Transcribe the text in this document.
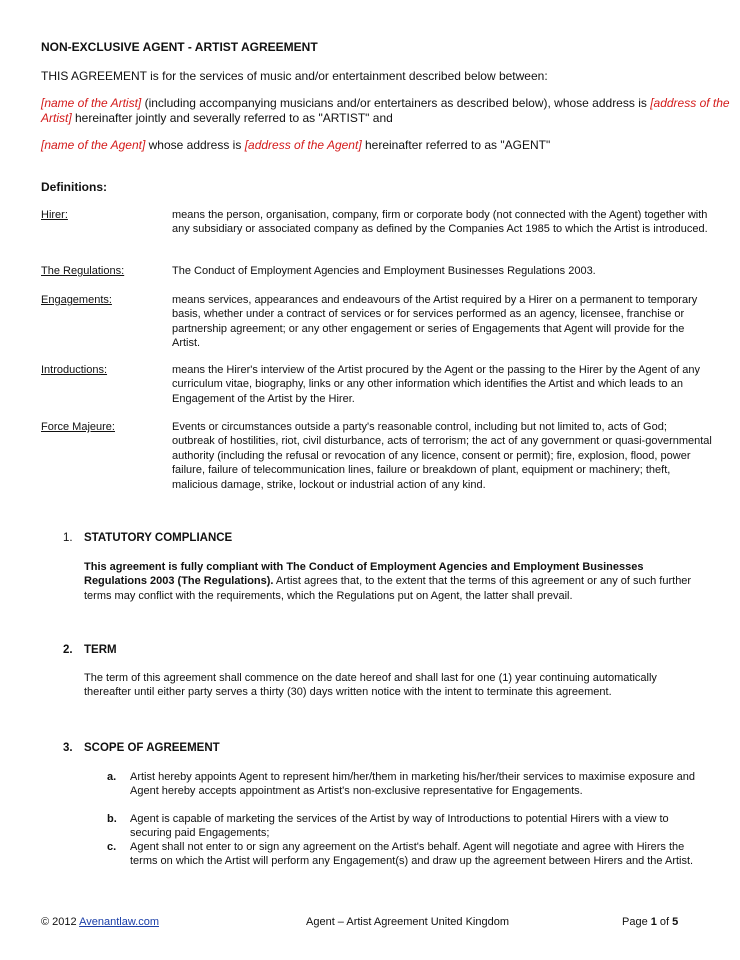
NON-EXCLUSIVE AGENT - ARTIST AGREEMENT
THIS AGREEMENT is for the services of music and/or entertainment described below between:
[name of the Artist] (including accompanying musicians and/or entertainers as described below), whose address is [address of the Artist] hereinafter jointly and severally referred to as "ARTIST" and
[name of the Agent] whose address is [address of the Agent] hereinafter referred to as "AGENT"
Definitions:
Hirer:	means the person, organisation, company, firm or corporate body (not connected with the Agent) together with any subsidiary or associated company as defined by the Companies Act 1985 to which the Artist is introduced.
The Regulations:	The Conduct of Employment Agencies and Employment Businesses Regulations 2003.
Engagements:	means services, appearances and endeavours of the Artist required by a Hirer on a permanent to temporary basis, whether under a contract of services or for services performed as an agency, licensee, franchise or partnership agreement; or any other engagement or series of Engagements that Agent will provide for the Artist.
Introductions:	means the Hirer's interview of the Artist procured by the Agent or the passing to the Hirer by the Agent of any curriculum vitae, biography, links or any other information which identifies the Artist and which leads to an Engagement of the Artist by the Hirer.
Force Majeure:	Events or circumstances outside a party's reasonable control, including but not limited to, acts of God; outbreak of hostilities, riot, civil disturbance, acts of terrorism; the act of any government or quasi-governmental authority (including the refusal or revocation of any licence, consent or permit); fire, explosion, flood, power failure, failure of telecommunication lines, failure or breakdown of plant, equipment or machinery; theft, malicious damage, strike, lockout or industrial action of any kind.
1. STATUTORY COMPLIANCE
This agreement is fully compliant with The Conduct of Employment Agencies and Employment Businesses Regulations 2003 (The Regulations). Artist agrees that, to the extent that the terms of this agreement or any of such further terms may conflict with the requirements, which the Regulations put on Agent, the latter shall prevail.
2. TERM
The term of this agreement shall commence on the date hereof and shall last for one (1) year continuing automatically thereafter until either party serves a thirty (30) days written notice with the intent to terminate this agreement.
3. SCOPE OF AGREEMENT
a. Artist hereby appoints Agent to represent him/her/them in marketing his/her/their services to maximise exposure and Agent hereby accepts appointment as Artist's non-exclusive representative for Engagements.
b. Agent is capable of marketing the services of the Artist by way of Introductions to potential Hirers with a view to securing paid Engagements;
c. Agent shall not enter to or sign any agreement on the Artist's behalf. Agent will negotiate and agree with Hirers the terms on which the Artist will perform any Engagement(s) and draw up the agreement between Hirers and the Artist.
© 2012 Avenantlaw.com	Agent – Artist Agreement United Kingdom	Page 1 of 5
